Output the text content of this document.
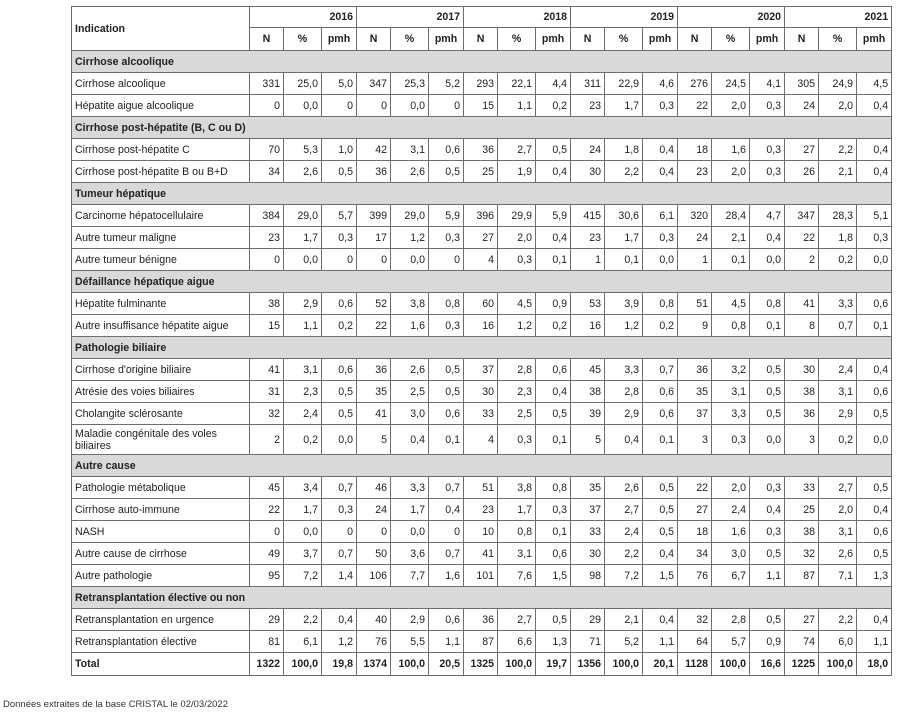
Indication	2016			2017			2018			2019			2020			2021		
	N	%	pmh	N	%	pmh	N	%	pmh	N	%	pmh	N	%	pmh	N	%	pmh
Cirrhose alcoolique																		
Cirrhose alcoolique	331	25,0	5,0	347	25,3	5,2	293	22,1	4,4	311	22,9	4,6	276	24,5	4,1	305	24,9	4,5
Hépatite aigue alcoolique	0	0,0	0	0	0,0	0	15	1,1	0,2	23	1,7	0,3	22	2,0	0,3	24	2,0	0,4
Cirrhose post-hépatite (B, C ou D)																		
Cirrhose post-hépatite C	70	5,3	1,0	42	3,1	0,6	36	2,7	0,5	24	1,8	0,4	18	1,6	0,3	27	2,2	0,4
Cirrhose post-hépatite B ou B+D	34	2,6	0,5	36	2,6	0,5	25	1,9	0,4	30	2,2	0,4	23	2,0	0,3	26	2,1	0,4
Tumeur hépatique																		
Carcinome hépatocellulaire	384	29,0	5,7	399	29,0	5,9	396	29,9	5,9	415	30,6	6,1	320	28,4	4,7	347	28,3	5,1
Autre tumeur maligne	23	1,7	0,3	17	1,2	0,3	27	2,0	0,4	23	1,7	0,3	24	2,1	0,4	22	1,8	0,3
Autre tumeur bénigne	0	0,0	0	0	0,0	0	4	0,3	0,1	1	0,1	0,0	1	0,1	0,0	2	0,2	0,0
Défaillance hépatique aigue																		
Hépatite fulminante	38	2,9	0,6	52	3,8	0,8	60	4,5	0,9	53	3,9	0,8	51	4,5	0,8	41	3,3	0,6
Autre insuffisance hépatite aigue	15	1,1	0,2	22	1,6	0,3	16	1,2	0,2	16	1,2	0,2	9	0,8	0,1	8	0,7	0,1
Pathologie biliaire																		
Cirrhose d'origine biliaire	41	3,1	0,6	36	2,6	0,5	37	2,8	0,6	45	3,3	0,7	36	3,2	0,5	30	2,4	0,4
Atrésie des voies biliaires	31	2,3	0,5	35	2,5	0,5	30	2,3	0,4	38	2,8	0,6	35	3,1	0,5	38	3,1	0,6
Cholangite sclérosante	32	2,4	0,5	41	3,0	0,6	33	2,5	0,5	39	2,9	0,6	37	3,3	0,5	36	2,9	0,5
Maladie congénitale des voles biliaires	2	0,2	0,0	5	0,4	0,1	4	0,3	0,1	5	0,4	0,1	3	0,3	0,0	3	0,2	0,0
Autre cause																		
Pathologie métabolique	45	3,4	0,7	46	3,3	0,7	51	3,8	0,8	35	2,6	0,5	22	2,0	0,3	33	2,7	0,5
Cirrhose auto-immune	22	1,7	0,3	24	1,7	0,4	23	1,7	0,3	37	2,7	0,5	27	2,4	0,4	25	2,0	0,4
NASH	0	0,0	0	0	0,0	0	10	0,8	0,1	33	2,4	0,5	18	1,6	0,3	38	3,1	0,6
Autre cause de cirrhose	49	3,7	0,7	50	3,6	0,7	41	3,1	0,6	30	2,2	0,4	34	3,0	0,5	32	2,6	0,5
Autre pathologie	95	7,2	1,4	106	7,7	1,6	101	7,6	1,5	98	7,2	1,5	76	6,7	1,1	87	7,1	1,3
Retransplantation élective ou non																		
Retransplantation en urgence	29	2,2	0,4	40	2,9	0,6	36	2,7	0,5	29	2,1	0,4	32	2,8	0,5	27	2,2	0,4
Retransplantation élective	81	6,1	1,2	76	5,5	1,1	87	6,6	1,3	71	5,2	1,1	64	5,7	0,9	74	6,0	1,1
Total	1322	100,0	19,8	1374	100,0	20,5	1325	100,0	19,7	1356	100,0	20,1	1128	100,0	16,6	1225	100,0	18,0
Données extraites de la base CRISTAL le 02/03/2022
